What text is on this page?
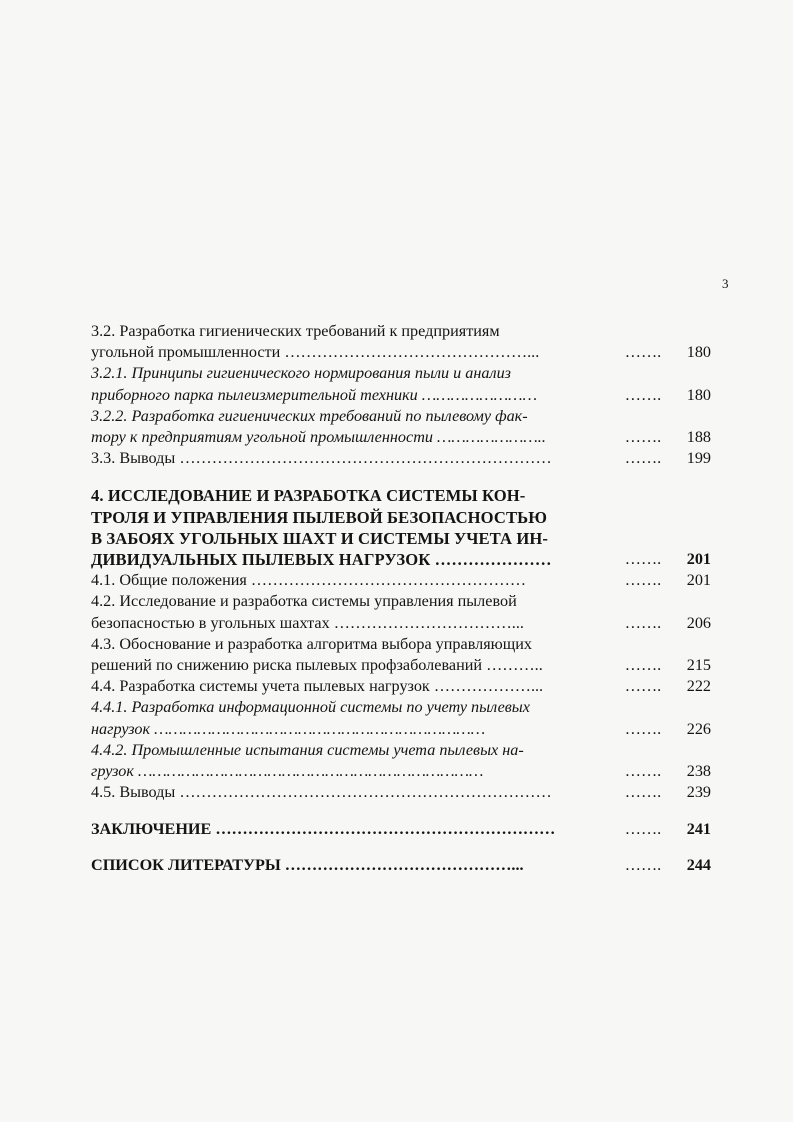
3
3.2. Разработка гигиенических требований к предприятиям
угольной промышленности ………………………………………...	…….	180
3.2.1. Принципы гигиенического нормирования пыли и анализ
приборного парка пылеизмерительной техники ……………………	…….	180
3.2.2. Разработка гигиенических требований по пылевому фак-
тору к предприятиям угольной промышленности …………………..	…….	188
3.3. Выводы ……………………………………………………………	…….	199
4. ИССЛЕДОВАНИЕ И РАЗРАБОТКА СИСТЕМЫ КОН-
ТРОЛЯ И УПРАВЛЕНИЯ ПЫЛЕВОЙ БЕЗОПАСНОСТЬЮ
В ЗАБОЯХ УГОЛЬНЫХ ШАХТ И СИСТЕМЫ УЧЕТА ИН-
ДИВИДУАЛЬНЫХ ПЫЛЕВЫХ НАГРУЗОК …………………	…….	201
4.1. Общие положения ……………………………………………	…….	201
4.2. Исследование и разработка системы управления пылевой
безопасностью в угольных шахтах ……………………………...	…….	206
4.3. Обоснование и разработка алгоритма выбора управляющих
решений по снижению риска пылевых профзаболеваний ………..	…….	215
4.4. Разработка системы учета пылевых нагрузок ………………...	…….	222
4.4.1. Разработка информационной системы по учету пылевых
нагрузок ……………………………………………………………	…….	226
4.4.2. Промышленные испытания системы учета пылевых на-
грузок ………………………………………………………………	…….	238
4.5. Выводы ……………………………………………………………	…….	239
ЗАКЛЮЧЕНИЕ ………………………………………………………	…….	241
СПИСОК ЛИТЕРАТУРЫ ……………………………………...	…….	244
